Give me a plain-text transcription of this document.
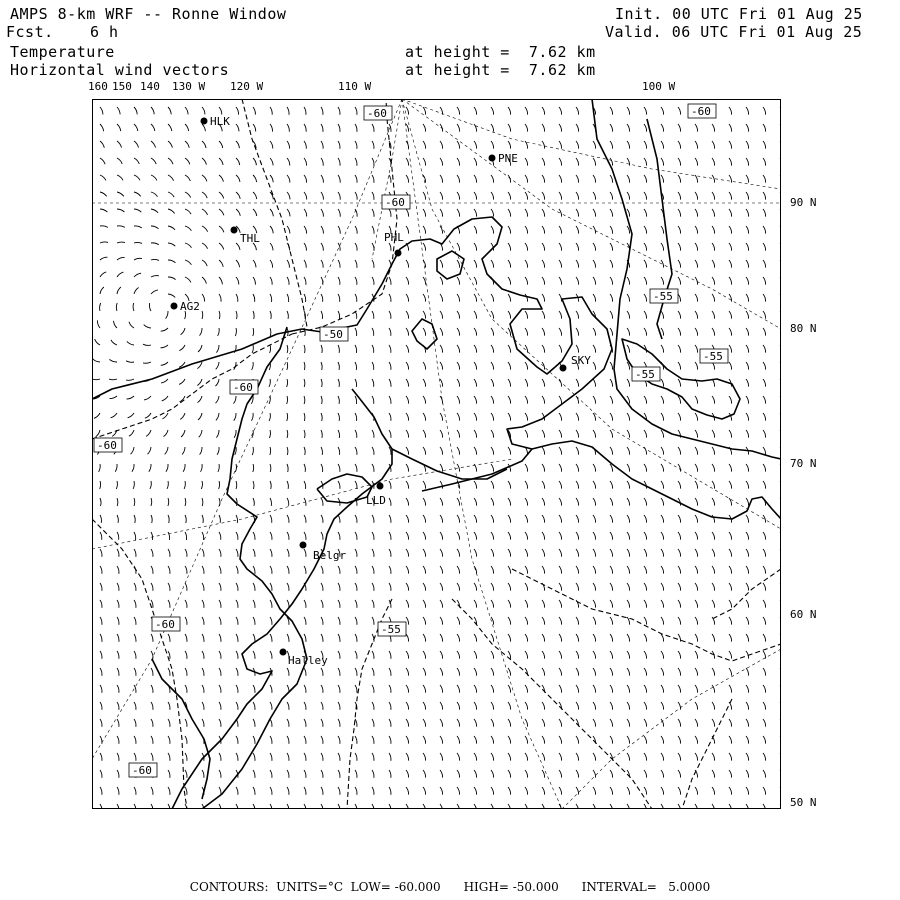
AMPS 8-km WRF -- Ronne Window
Fcst. 6 h
Init. 00 UTC Fri 01 Aug 25
Valid. 06 UTC Fri 01 Aug 25
Temperature
Horizontal wind vectors
at height =  7.62 km
at height =  7.62 km
160 150 140 130 W 120 W	110 W	100 W
90 N
80 N
70 N
60 N
50 N
HLK
PNE
THL	PHL
AG2
SKY
LLD
Belgr
Halley
-60
-60
-60
-55
-50
-60
-60
-60
-55
-60
-55
-55
CONTOURS:  UNITS=°C  LOW= -60.000      HIGH= -50.000      INTERVAL=   5.0000
